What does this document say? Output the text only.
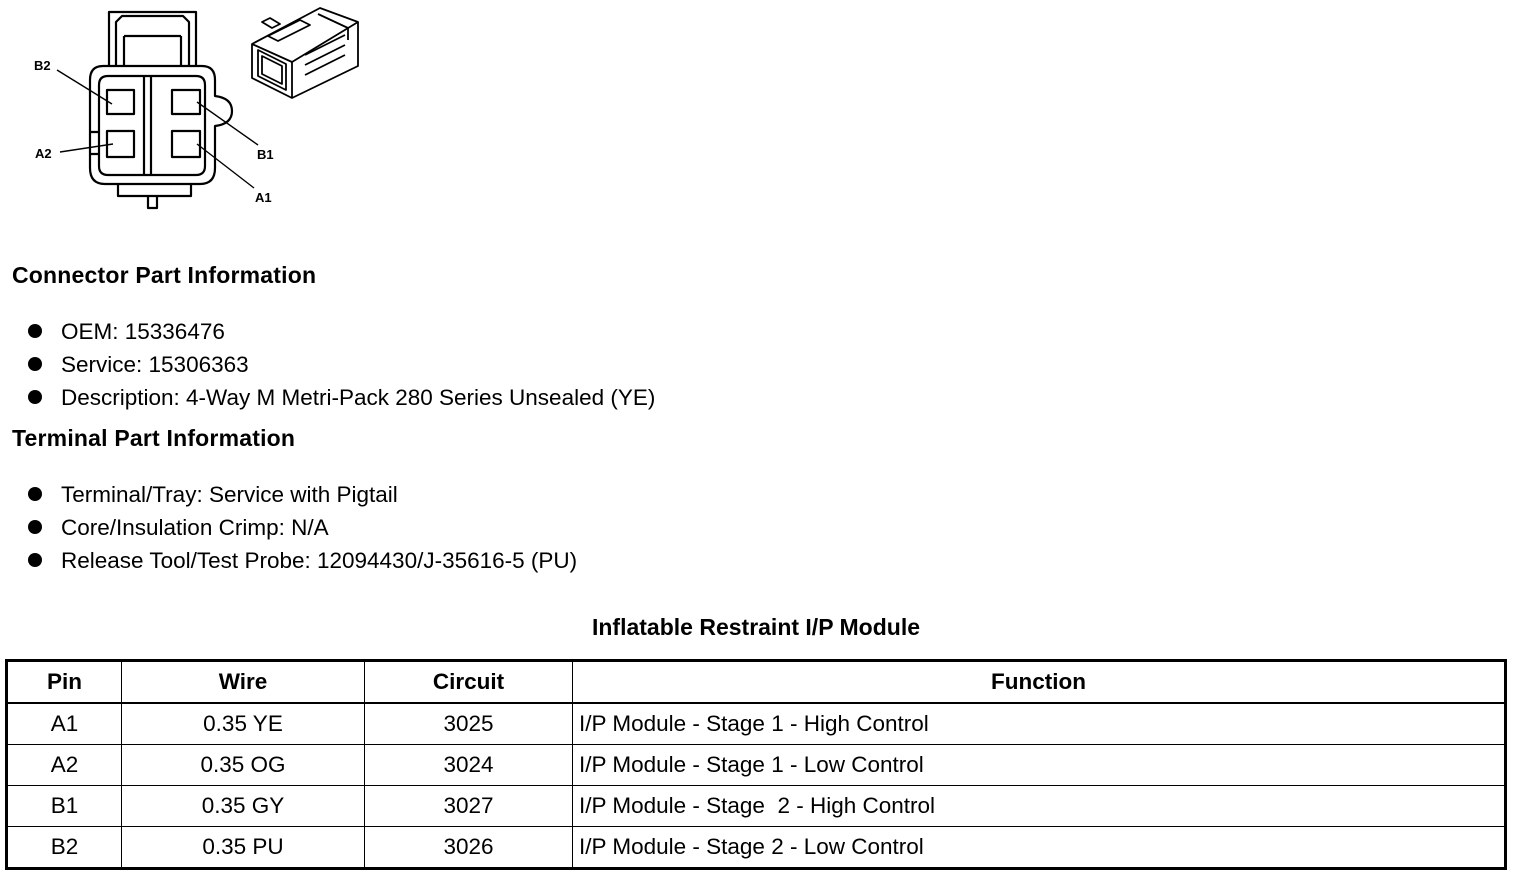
B2
A2	B1
A1
Connector Part Information
OEM: 15336476
Service: 15306363
Description: 4-Way M Metri-Pack 280 Series Unsealed (YE)
Terminal Part Information
Terminal/Tray: Service with Pigtail
Core/Insulation Crimp: N/A
Release Tool/Test Probe: 12094430/J-35616-5 (PU)
Inflatable Restraint I/P Module
Pin	Wire	Circuit	Function
A1	0.35 YE	3025	I/P Module - Stage 1 - High Control
A2	0.35 OG	3024	I/P Module - Stage 1 - Low Control
B1	0.35 GY	3027	I/P Module - Stage  2 - High Control
B2	0.35 PU	3026	I/P Module - Stage 2 - Low Control
